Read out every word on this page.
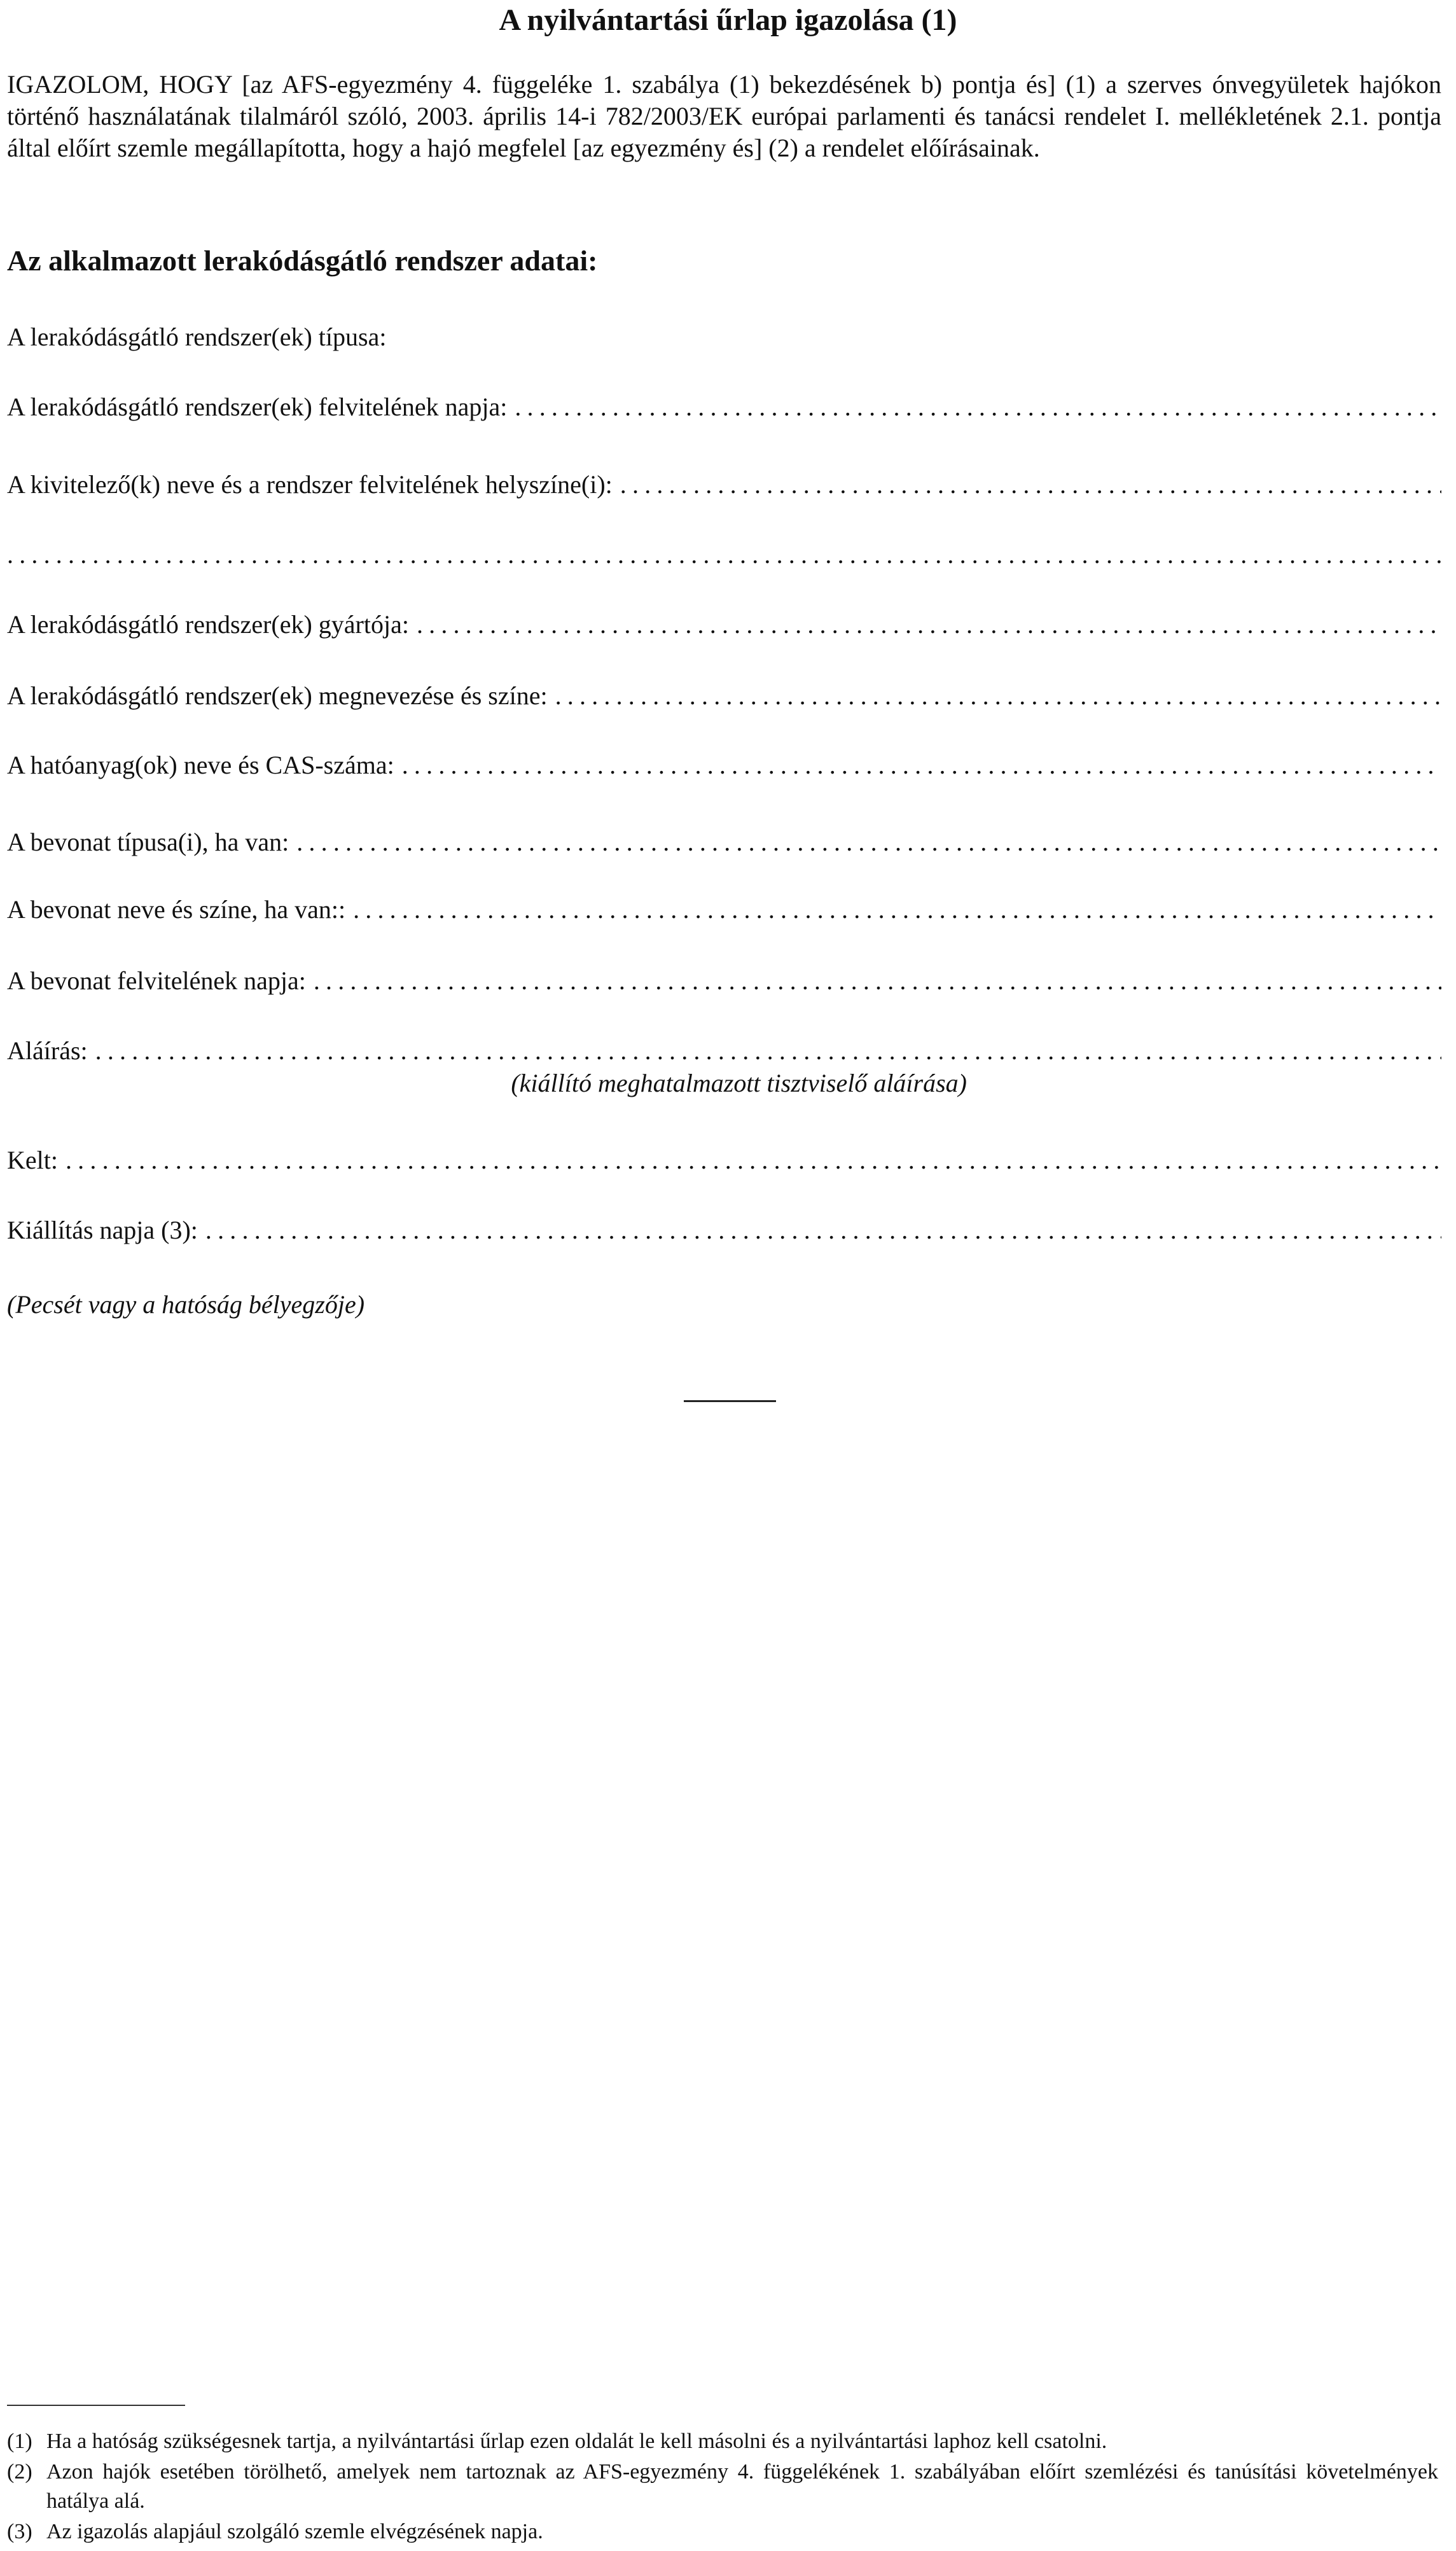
A nyilvántartási űrlap igazolása (1)
IGAZOLOM, HOGY [az AFS-egyezmény 4. függeléke 1. szabálya (1) bekezdésének b) pontja és] (1) a szerves ónvegyületek hajókon történő használatának tilalmáról szóló, 2003. április 14-i 782/2003/EK európai parlamenti és tanácsi rendelet I. mellékletének 2.1. pontja által előírt szemle megállapította, hogy a hajó megfelel [az egyezmény és] (2) a rendelet előírásainak.
Az alkalmazott lerakódásgátló rendszer adatai:
A lerakódásgátló rendszer(ek) típusa:
A lerakódásgátló rendszer(ek) felvitelének napja:
.....
A kivitelező(k) neve és a rendszer felvitelének helyszíne(i):
.....
.....
A lerakódásgátló rendszer(ek) gyártója:
.....
A lerakódásgátló rendszer(ek) megnevezése és színe:
.....
A hatóanyag(ok) neve és CAS-száma:
.....
A bevonat típusa(i), ha van:
.....
A bevonat neve és színe, ha van::
.....
A bevonat felvitelének napja:
.....
Aláírás:
.....
(kiállító meghatalmazott tisztviselő aláírása)
Kelt:
.....
Kiállítás napja (3):
.....
(Pecsét vagy a hatóság bélyegzője)
(1) Ha a hatóság szükségesnek tartja, a nyilvántartási űrlap ezen oldalát le kell másolni és a nyilvántartási laphoz kell csatolni.
(2) Azon hajók esetében törölhető, amelyek nem tartoznak az AFS-egyezmény 4. függelékének 1. szabályában előírt szemlézési és tanúsítási követelmények hatálya alá.
(3) Az igazolás alapjául szolgáló szemle elvégzésének napja.
